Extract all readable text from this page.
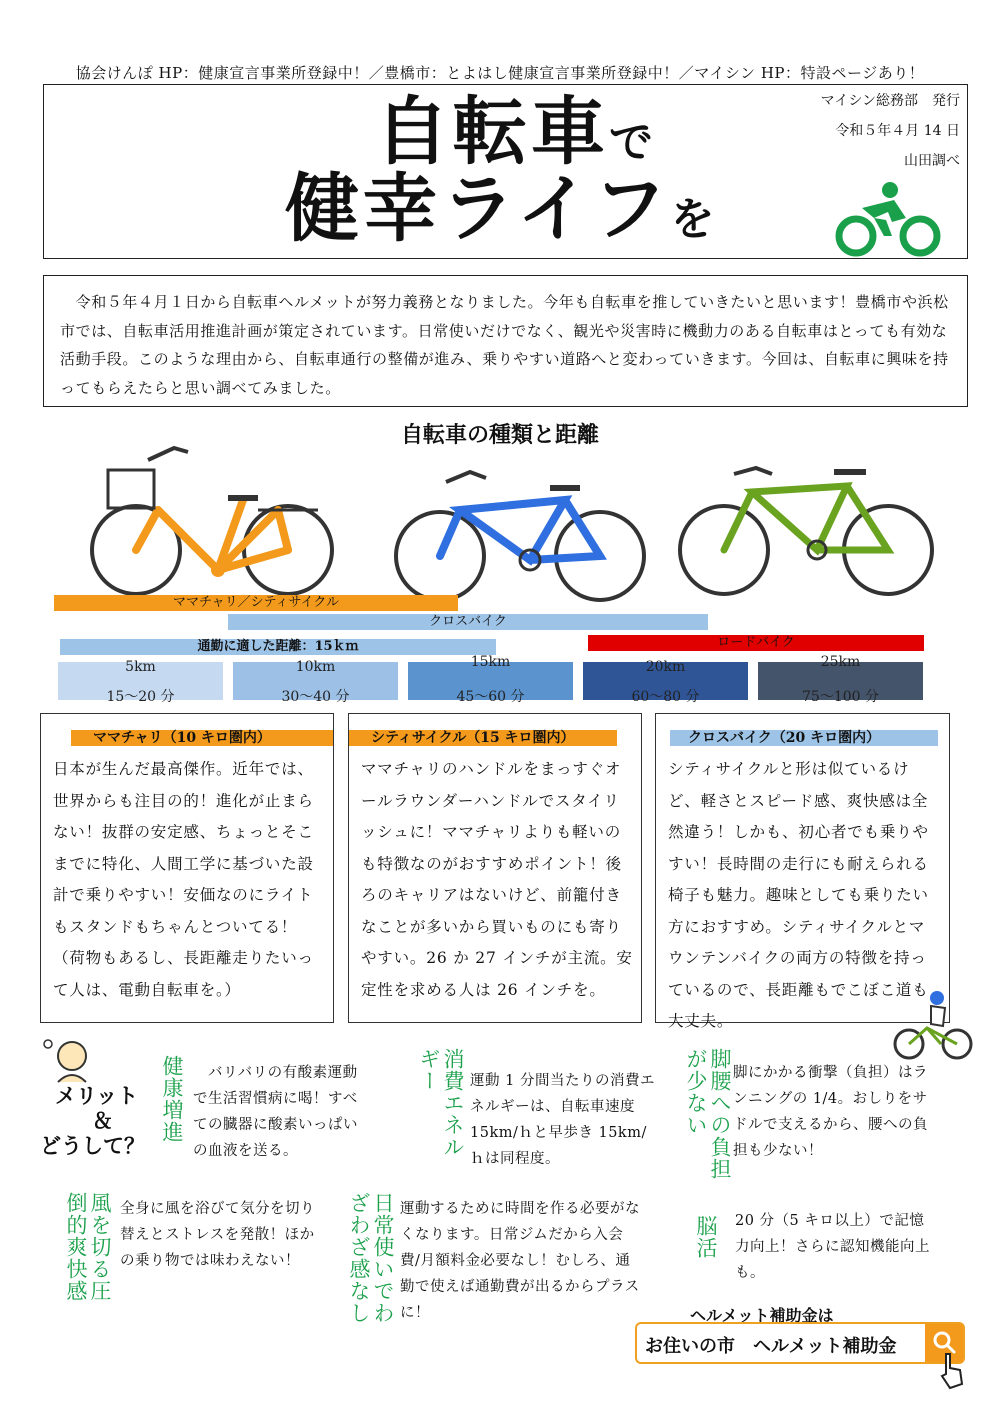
協会けんぽ HP：健康宣言事業所登録中！／豊橋市：とよはし健康宣言事業所登録中！／マイシン HP：特設ページあり！
自転車で
健幸ライフを
マイシン総務部　発行
令和５年４月 14 日
山田調べ
　令和５年４月１日から自転車ヘルメットが努力義務となりました。今年も自転車を推していきたいと思います！豊橋市や浜松市では、自転車活用推進計画が策定されています。日常使いだけでなく、観光や災害時に機動力のある自転車はとっても有効な活動手段。このような理由から、自転車通行の整備が進み、乗りやすい道路へと変わっていきます。今回は、自転車に興味を持ってもらえたらと思い調べてみました。
自転車の種類と距離
ママチャリ／シティサイクル
クロスバイク
通勤に適した距離：15ｋｍ	ロードバイク
5km
15～20 分
10km
30～40 分
15km
45～60 分
20km
60～80 分
25km
75～100 分
ママチャリ（10 キロ圏内）
日本が生んだ最高傑作。近年では、世界からも注目の的！進化が止まらない！抜群の安定感、ちょっとそこまでに特化、人間工学に基づいた設計で乗りやすい！安価なのにライトもスタンドもちゃんとついてる！（荷物もあるし、長距離走りたいって人は、電動自転車を。）
シティサイクル（15 キロ圏内）
ママチャリのハンドルをまっすぐオールラウンダーハンドルでスタイリッシュに！ママチャリよりも軽いのも特徴なのがおすすめポイント！後ろのキャリアはないけど、前籠付きなことが多いから買いものにも寄りやすい。26 か 27 インチが主流。安定性を求める人は 26 インチを。
クロスバイク（20 キロ圏内）
シティサイクルと形は似ているけど、軽さとスピード感、爽快感は全然違う！しかも、初心者でも乗りやすい！長時間の走行にも耐えられる椅子も魅力。趣味としても乗りたい方におすすめ。シティサイクルとマウンテンバイクの両方の特徴を持っているので、長距離もでこぼこ道も大丈夫。
メリット
＆
どうして？
健康増進 　バリバリの有酸素運動で生活習慣病に喝！すべての臓器に酸素いっぱいの血液を送る。	消費エネルギー	運動 1 分間当たりの消費エネルギーは、自転車速度 15km/ｈと早歩き 15km/ｈは同程度。	脚腰への負担が少ない	脚にかかる衝撃（負担）はランニングの 1/4。おしりをサドルで支えるから、腰への負担も少ない！
風を切る圧倒的爽快感	全身に風を浴びて気分を切り替えとストレスを発散！ほかの乗り物では味わえない！	日常使いでわざわざ感なし	運動するために時間を作る必要がなくなります。日常ジムだから入会費/月額料金必要なし！むしろ、通勤で使えば通勤費が出るからプラスに！
脳活 20 分（5 キロ以上）で記憶力向上！さらに認知機能向上も。
ヘルメット補助金は
お住いの市　ヘルメット補助金
